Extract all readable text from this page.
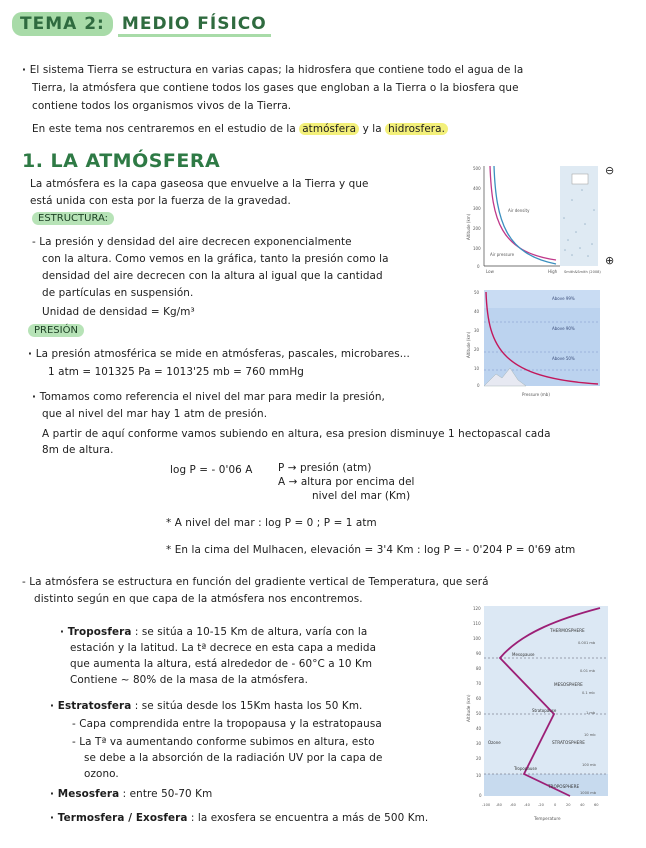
TEMA 2: MEDIO FÍSICO
· El sistema Tierra se estructura en varias capas; la hidrosfera que contiene todo el agua de la
Tierra, la atmósfera que contiene todos los gases que engloban a la Tierra o la biosfera que
contiene todos los organismos vivos de la Tierra.
En este tema nos centraremos en el estudio de la atmósfera y la hidrosfera.
1. LA ATMÓSFERA
La atmósfera es la capa gaseosa que envuelve a la Tierra y que
está unida con esta por la fuerza de la gravedad.
ESTRUCTURA:
- La presión y densidad del aire decrecen exponencialmente
con la altura. Como vemos en la gráfica, tanto la presión como la
densidad del aire decrecen con la altura al igual que la cantidad
de partículas en suspensión.
Unidad de densidad = Kg/m³
PRESIÓN
· La presión atmosférica se mide en atmósferas, pascales, microbares...
1 atm = 101325 Pa = 1013'25 mb = 760 mmHg
· Tomamos como referencia el nivel del mar para medir la presión,
que al nivel del mar hay 1 atm de presión.
A partir de aquí conforme vamos subiendo en altura, esa presion disminuye 1 hectopascal cada
8m de altura.
log P = - 0'06 A P → presión (atm)
A → altura por encima del
nivel del mar (Km)
* A nivel del mar : log P = 0 ; P = 1 atm
* En la cima del Mulhacen, elevación = 3'4 Km : log P = - 0'204 P = 0'69 atm
- La atmósfera se estructura en función del gradiente vertical de Temperatura, que será
distinto según en que capa de la atmósfera nos encontremos.
· Troposfera : se sitúa a 10-15 Km de altura, varía con la
estación y la latitud. La tª decrece en esta capa a medida
que aumenta la altura, está alrededor de - 60°C a 10 Km
Contiene ~ 80% de la masa de la atmósfera.
· Estratosfera : se sitúa desde los 15Km hasta los 50 Km.
- Capa comprendida entre la tropopausa y la estratopausa
- La Tª va aumentando conforme subimos en altura, esto
se debe a la absorción de la radiación UV por la capa de
ozono.
· Mesosfera : entre 50-70 Km
· Termosfera / Exosfera : la exosfera se encuentra a más de 500 Km.
Altitude (km)
500
400
300
200
100
0
Air density
Air pressure
Low	High Smith&Smith (2008)
⊖
⊕
Above 99%
Above 90%
Above 50%
Altitude (km)
Pressure (mb)
50
40
30
20
10
0
THERMOSPHERE
Mesopause
MESOSPHERE
Stratopause
STRATOSPHERE
Tropopause
TROPOSPHERE
Ozone
Altitude (km)
Temperature
120
110
100
90
80
70
60
50
40
30
20
10
0
0.001 mb
0.01 mb
0.1 mb
1 mb
10 mb
100 mb
1000 mb
-100 -80 -60 -40 -20	0	20	40	60
